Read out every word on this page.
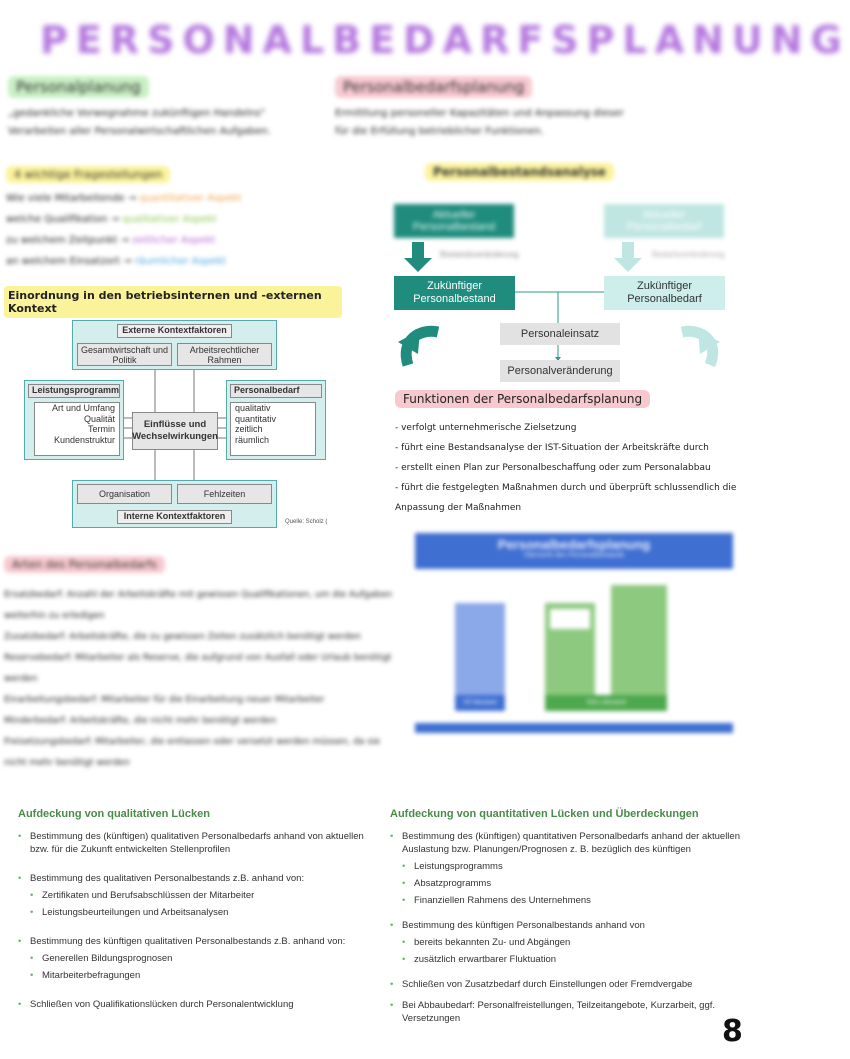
PERSONALBEDARFSPLANUNG
Personalplanung
„gedankliche Vorwegnahme zukünftigen Handelns"
Verarbeiten aller Personalwirtschaftlichen Aufgaben.
Personalbedarfsplanung
Ermittlung personeller Kapazitäten und Anpassung dieser
für die Erfüllung betrieblicher Funktionen.
4 wichtige Fragestellungen
Wie viele Mitarbeitende → quantitativer Aspekt
welche Qualifikation → qualitativer Aspekt
zu welchem Zeitpunkt → zeitlicher Aspekt
an welchem Einsatzort → räumlicher Aspekt
Einordnung in den betriebsinternen und -externen Kontext
Externe Kontextfaktoren
Gesamtwirtschaft und Politik
Arbeitsrechtlicher Rahmen
Leistungsprogramm
Art und Umfang
Qualität
Termin
Kundenstruktur
Einflüsse und Wechselwirkungen
Personalbedarf
qualitativ
quantitativ
zeitlich
räumlich
Organisation	Fehlzeiten
Interne Kontextfaktoren
Quelle: Scholz (
Personalbestandsanalyse
Aktueller Personalbestand
Aktueller Personalbedarf
Bestandsveränderung	Bedarfsveränderung
Zukünftiger Personalbestand
Zukünftiger Personalbedarf
Personaleinsatz
Personalveränderung
Funktionen der Personalbedarfsplanung
- verfolgt unternehmerische Zielsetzung
- führt eine Bestandsanalyse der IST-Situation der Arbeitskräfte durch
- erstellt einen Plan zur Personalbeschaffung oder zum Personalabbau
- führt die festgelegten Maßnahmen durch und überprüft schlussendlich die Anpassung der Maßnahmen
Arten des Personalbedarfs
Ersatzbedarf: Anzahl der Arbeitskräfte mit gewissen Qualifikationen, um die Aufgaben weiterhin zu erledigen
Zusatzbedarf: Arbeitskräfte, die zu gewissen Zeiten zusätzlich benötigt werden
Reservebedarf: Mitarbeiter als Reserve, die aufgrund von Ausfall oder Urlaub benötigt werden
Einarbeitungsbedarf: Mitarbeiter für die Einarbeitung neuer Mitarbeiter
Minderbedarf: Arbeitskräfte, die nicht mehr benötigt werden
Freisetzungsbedarf: Mitarbeiter, die entlassen oder versetzt werden müssen, da sie nicht mehr benötigt werden
Personalbedarfsplanung
Übersicht des Personalbestands
IST-Bestand	SOLL-Bestand
Aufdeckung von qualitativen Lücken
• Bestimmung des (künftigen) qualitativen Personalbedarfs anhand von aktuellen bzw. für die Zukunft entwickelten Stellenprofilen
• Bestimmung des qualitativen Personalbestands z.B. anhand von:
• Zertifikaten und Berufsabschlüssen der Mitarbeiter
• Leistungsbeurteilungen und Arbeitsanalysen
• Bestimmung des künftigen qualitativen Personalbestands z.B. anhand von:
• Generellen Bildungsprognosen
• Mitarbeiterbefragungen
• Schließen von Qualifikationslücken durch Personalentwicklung
Aufdeckung von quantitativen Lücken und Überdeckungen
• Bestimmung des (künftigen) quantitativen Personalbedarfs anhand der aktuellen Auslastung bzw. Planungen/Prognosen z. B. bezüglich des künftigen
• Leistungsprogramms
• Absatzprogramms
• Finanziellen Rahmens des Unternehmens
• Bestimmung des künftigen Personalbestands anhand von
• bereits bekannten Zu- und Abgängen
• zusätzlich erwartbarer Fluktuation
• Schließen von Zusatzbedarf durch Einstellungen oder Fremdvergabe
• Bei Abbaubedarf: Personalfreistellungen, Teilzeitangebote, Kurzarbeit, ggf. Versetzungen	8
